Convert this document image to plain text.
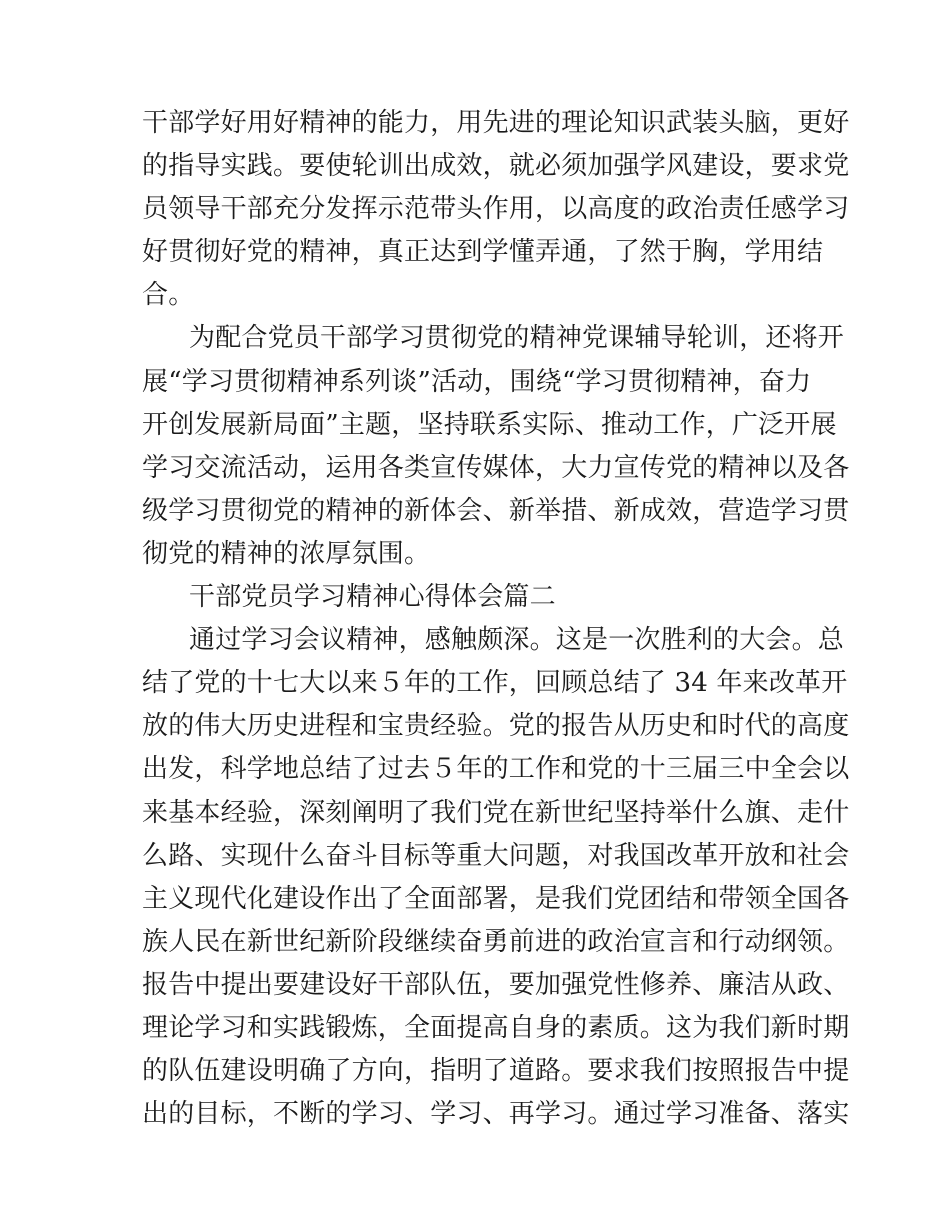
干部学好用好精神的能力，用先进的理论知识武装头脑，更好
的指导实践。要使轮训出成效，就必须加强学风建设，要求党
员领导干部充分发挥示范带头作用，以高度的政治责任感学习
好贯彻好党的精神，真正达到学懂弄通，了然于胸，学用结
合。
为配合党员干部学习贯彻党的精神党课辅导轮训，还将开
展“学习贯彻精神系列谈”活动，围绕“学习贯彻精神，奋力
开创发展新局面”主题，坚持联系实际、推动工作，广泛开展
学习交流活动，运用各类宣传媒体，大力宣传党的精神以及各
级学习贯彻党的精神的新体会、新举措、新成效，营造学习贯
彻党的精神的浓厚氛围。
干部党员学习精神心得体会篇二
通过学习会议精神，感触颇深。这是一次胜利的大会。总
结了党的十七大以来５年的工作，回顾总结了 34 年来改革开
放的伟大历史进程和宝贵经验。党的报告从历史和时代的高度
出发，科学地总结了过去５年的工作和党的十三届三中全会以
来基本经验，深刻阐明了我们党在新世纪坚持举什么旗、走什
么路、实现什么奋斗目标等重大问题，对我国改革开放和社会
主义现代化建设作出了全面部署，是我们党团结和带领全国各
族人民在新世纪新阶段继续奋勇前进的政治宣言和行动纲领。
报告中提出要建设好干部队伍，要加强党性修养、廉洁从政、
理论学习和实践锻炼，全面提高自身的素质。这为我们新时期
的队伍建设明确了方向，指明了道路。要求我们按照报告中提
出的目标，不断的学习、学习、再学习。通过学习准备、落实
